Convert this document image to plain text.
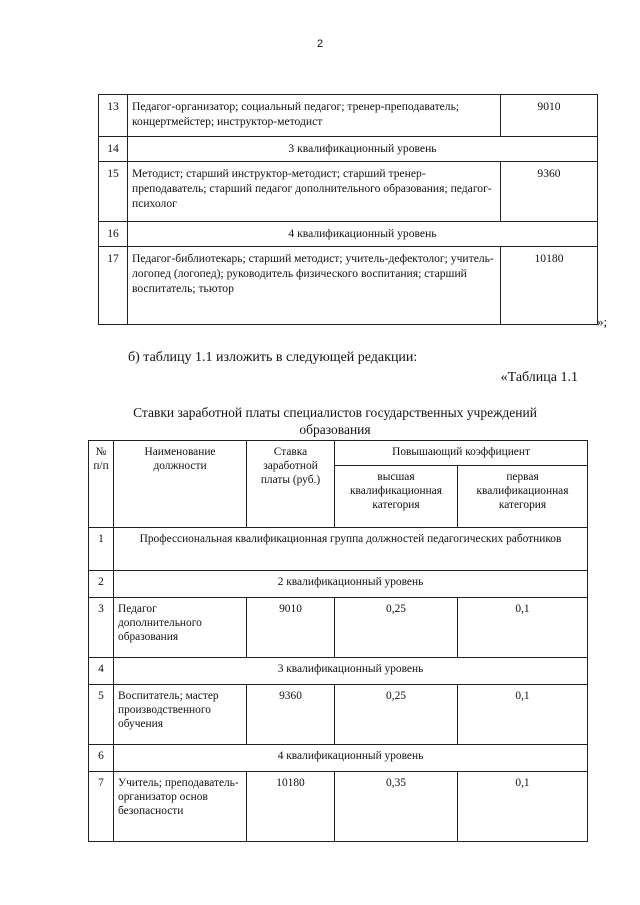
2
13	Педагог-организатор; социальный педагог; тренер-преподаватель; концертмейстер; инструктор-методист	9010
14	3 квалификационный уровень	
15	Методист; старший инструктор-методист; старший тренер-преподаватель; старший педагог дополнительного образования; педагог-психолог	9360
16	4 квалификационный уровень	
17	Педагог-библиотекарь; старший методист; учитель-дефектолог; учитель-логопед (логопед); руководитель физического воспитания; старший воспитатель; тьютор	10180
»;
б) таблицу 1.1 изложить в следующей редакции:
«Таблица 1.1
Ставки заработной платы специалистов государственных учреждений образования
№ п/п	Наименование должности	Ставка заработной платы (руб.)	Повышающий коэффициент	
			высшая квалификационная категория	первая квалификационная категория
1	Профессиональная квалификационная группа должностей педагогических работников			
2	2 квалификационный уровень			
3	Педагог дополнительного образования	9010	0,25	0,1
4	3 квалификационный уровень			
5	Воспитатель; мастер производственного обучения	9360	0,25	0,1
6	4 квалификационный уровень			
7	Учитель; преподаватель-организатор основ безопасности	10180	0,35	0,1
